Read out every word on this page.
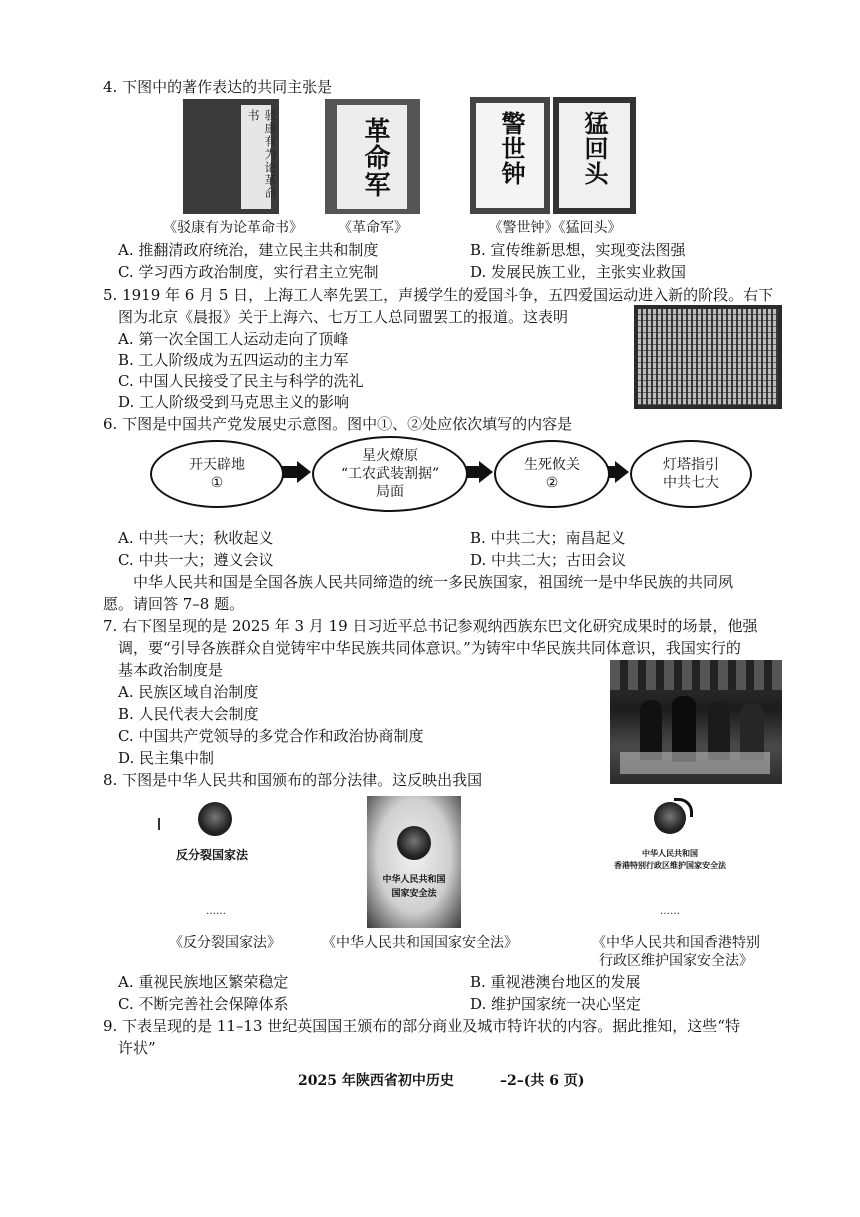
4. 下图中的著作表达的共同主张是
驳康有为论革命书
革命军	警世钟 猛回头
《驳康有为论革命书》	《革命军》	《警世钟》《猛回头》
A. 推翻清政府统治，建立民主共和制度	B. 宣传维新思想，实现变法图强
C. 学习西方政治制度，实行君主立宪制	D. 发展民族工业，主张实业救国
5. 1919 年 6 月 5 日，上海工人率先罢工，声援学生的爱国斗争，五四爱国运动进入新的阶段。右下
图为北京《晨报》关于上海六、七万工人总同盟罢工的报道。这表明
A. 第一次全国工人运动走向了顶峰
B. 工人阶级成为五四运动的主力军
C. 中国人民接受了民主与科学的洗礼
D. 工人阶级受到马克思主义的影响
6. 下图是中国共产党发展史示意图。图中①、②处应依次填写的内容是
开天辟地
①
星火燎原
“工农武装割据”
局面
生死攸关
②
灯塔指引
中共七大
A. 中共一大；秋收起义	B. 中共二大；南昌起义
C. 中共一大；遵义会议	D. 中共二大；古田会议
中华人民共和国是全国各族人民共同缔造的统一多民族国家，祖国统一是中华民族的共同夙
愿。请回答 7–8 题。
7. 右下图呈现的是 2025 年 3 月 19 日习近平总书记参观纳西族东巴文化研究成果时的场景，他强
调，要“引导各族群众自觉铸牢中华民族共同体意识。”为铸牢中华民族共同体意识，我国实行的
基本政治制度是
A. 民族区域自治制度
B. 人民代表大会制度
C. 中国共产党领导的多党合作和政治协商制度
D. 民主集中制
8. 下图是中华人民共和国颁布的部分法律。这反映出我国
反分裂国家法
……
中华人民共和国
国家安全法
中华人民共和国
香港特别行政区维护国家安全法
……
《反分裂国家法》	《中华人民共和国国家安全法》	《中华人民共和国香港特别
行政区维护国家安全法》
A. 重视民族地区繁荣稳定	B. 重视港澳台地区的发展
C. 不断完善社会保障体系	D. 维护国家统一决心坚定
9. 下表呈现的是 11–13 世纪英国国王颁布的部分商业及城市特许状的内容。据此推知，这些“特
许状”
2025 年陕西省初中历史	–2–(共 6 页)
